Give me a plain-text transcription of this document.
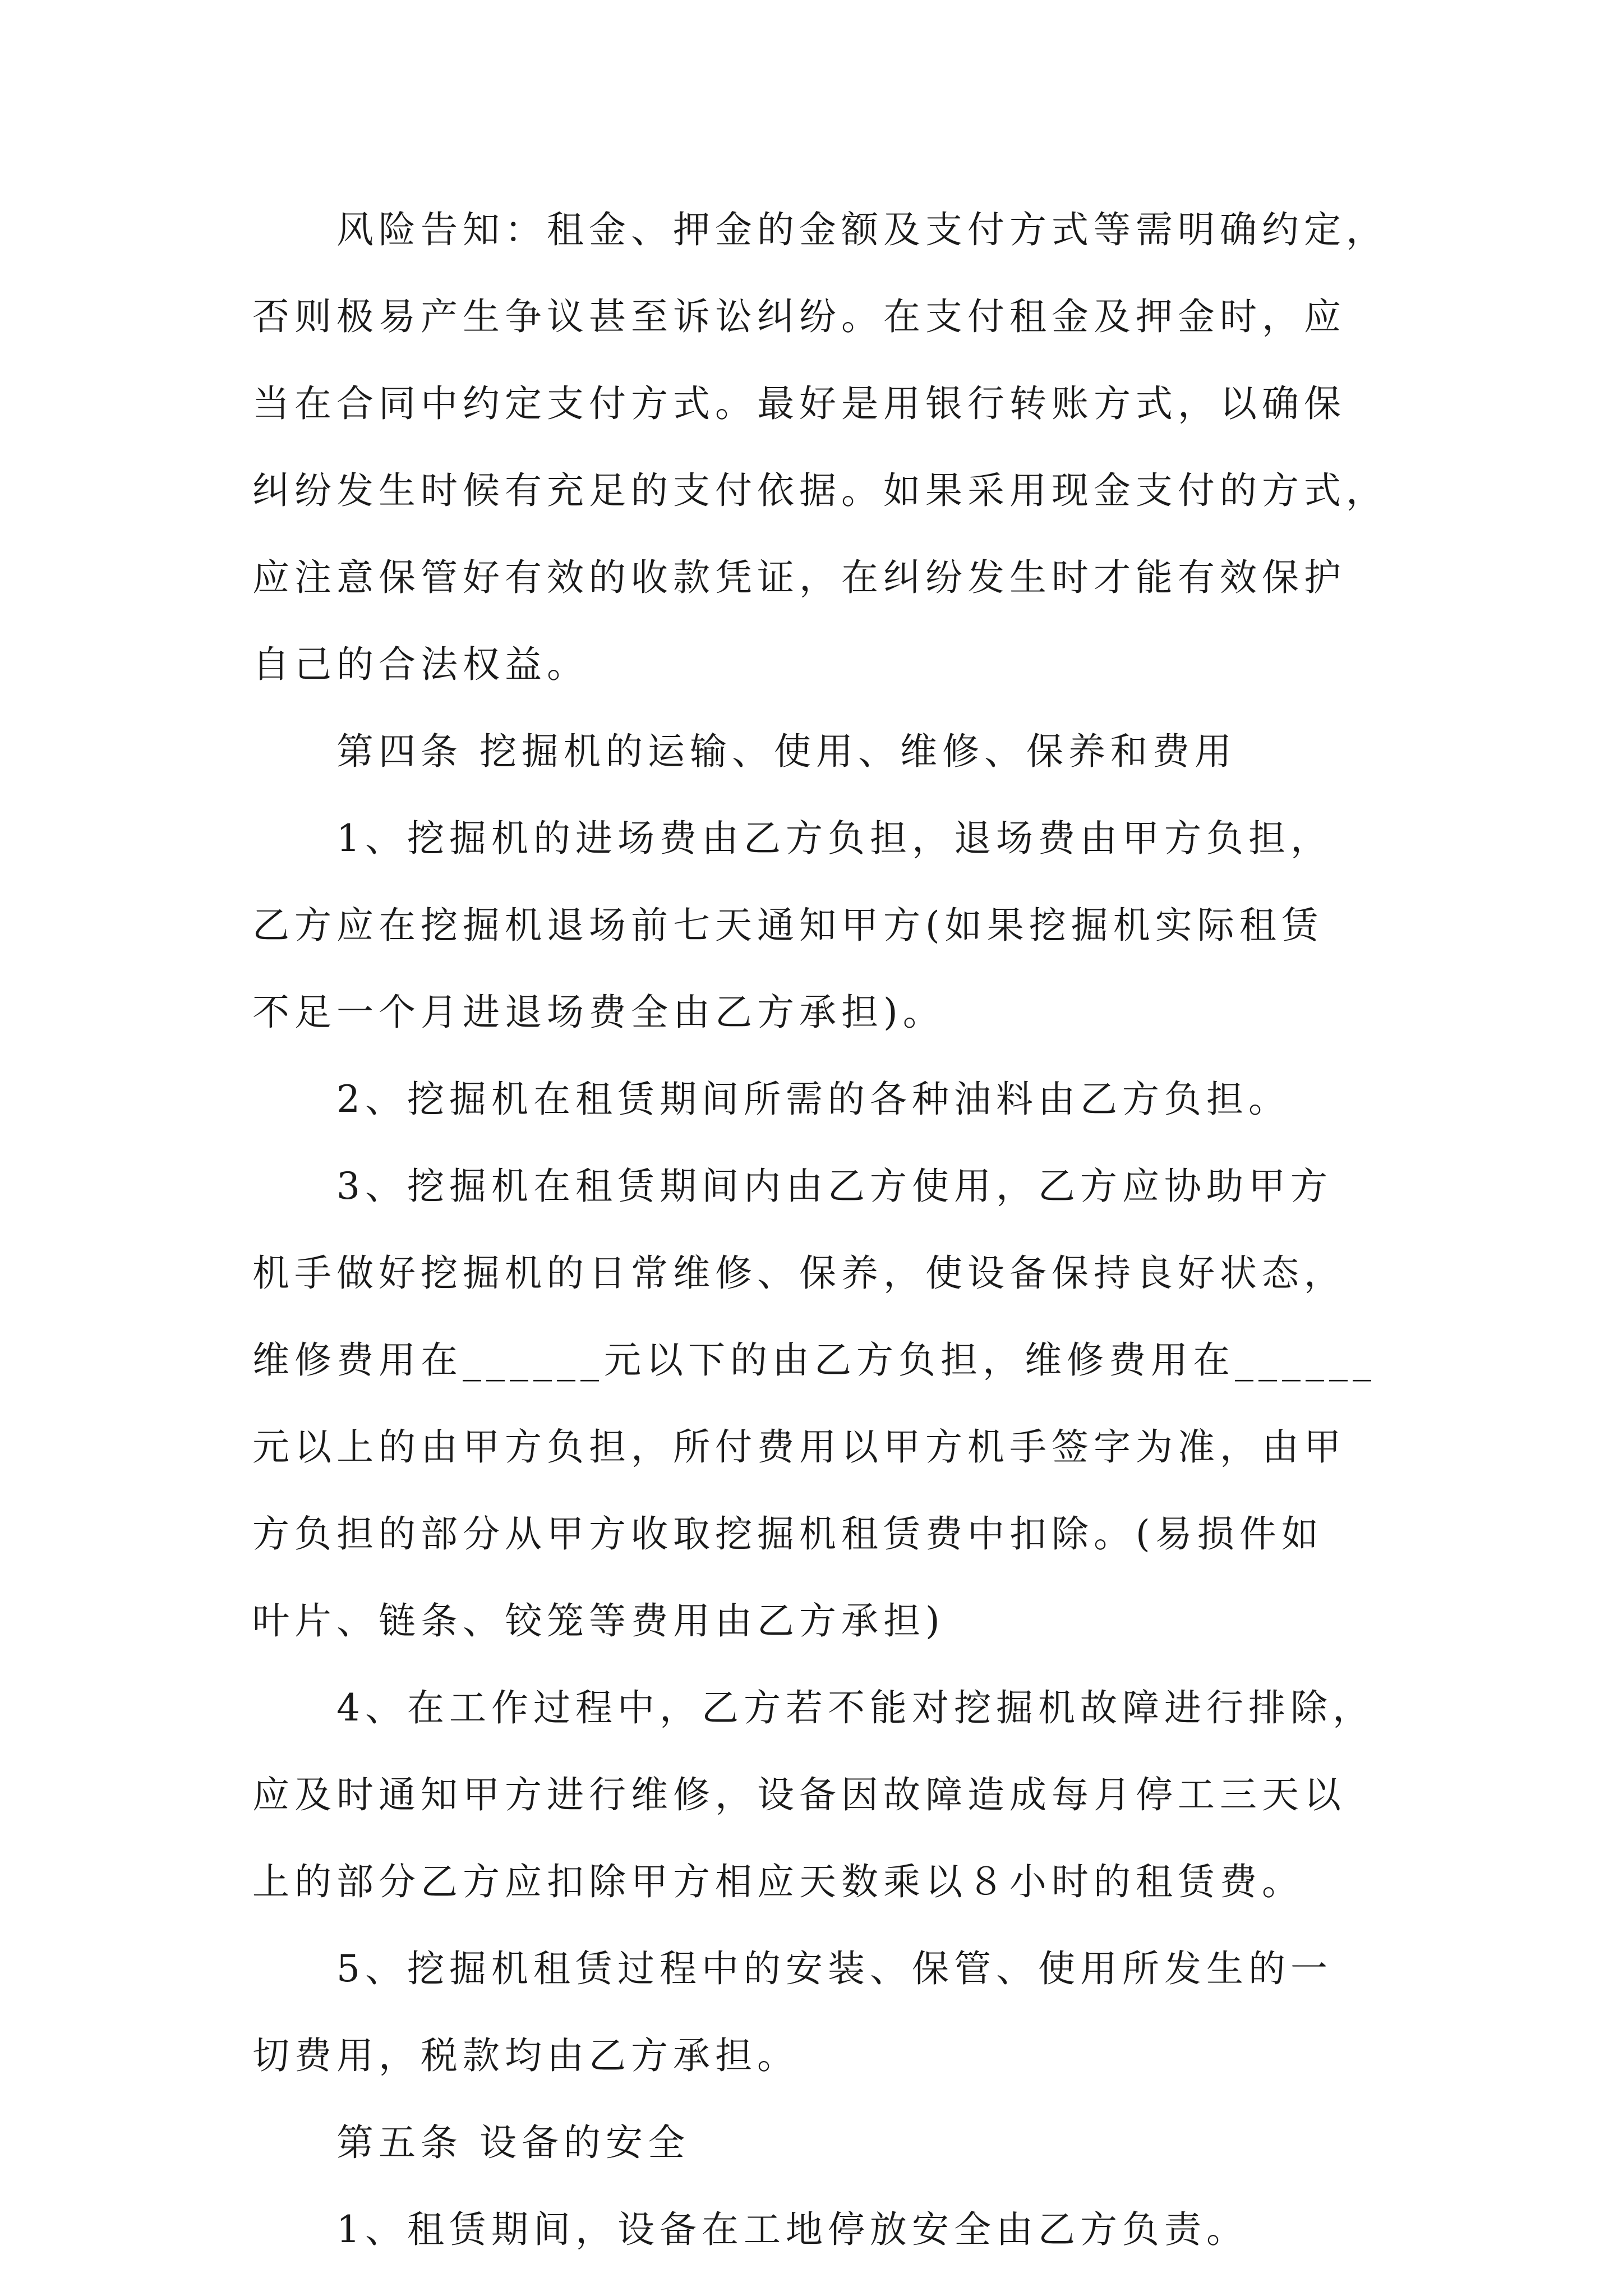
风险告知：租金、押金的金额及支付方式等需明确约定，
否则极易产生争议甚至诉讼纠纷。在支付租金及押金时，应
当在合同中约定支付方式。最好是用银行转账方式，以确保
纠纷发生时候有充足的支付依据。如果采用现金支付的方式，
应注意保管好有效的收款凭证，在纠纷发生时才能有效保护
自己的合法权益。
第四条 挖掘机的运输、使用、维修、保养和费用
1、挖掘机的进场费由乙方负担，退场费由甲方负担，
乙方应在挖掘机退场前七天通知甲方(如果挖掘机实际租赁
不足一个月进退场费全由乙方承担)。
2、挖掘机在租赁期间所需的各种油料由乙方负担。
3、挖掘机在租赁期间内由乙方使用，乙方应协助甲方
机手做好挖掘机的日常维修、保养，使设备保持良好状态，
维修费用在______元以下的由乙方负担，维修费用在______
元以上的由甲方负担，所付费用以甲方机手签字为准，由甲
方负担的部分从甲方收取挖掘机租赁费中扣除。(易损件如
叶片、链条、铰笼等费用由乙方承担)
4、在工作过程中，乙方若不能对挖掘机故障进行排除，
应及时通知甲方进行维修，设备因故障造成每月停工三天以
上的部分乙方应扣除甲方相应天数乘以８小时的租赁费。
5、挖掘机租赁过程中的安装、保管、使用所发生的一
切费用，税款均由乙方承担。
第五条 设备的安全
1、租赁期间，设备在工地停放安全由乙方负责。
